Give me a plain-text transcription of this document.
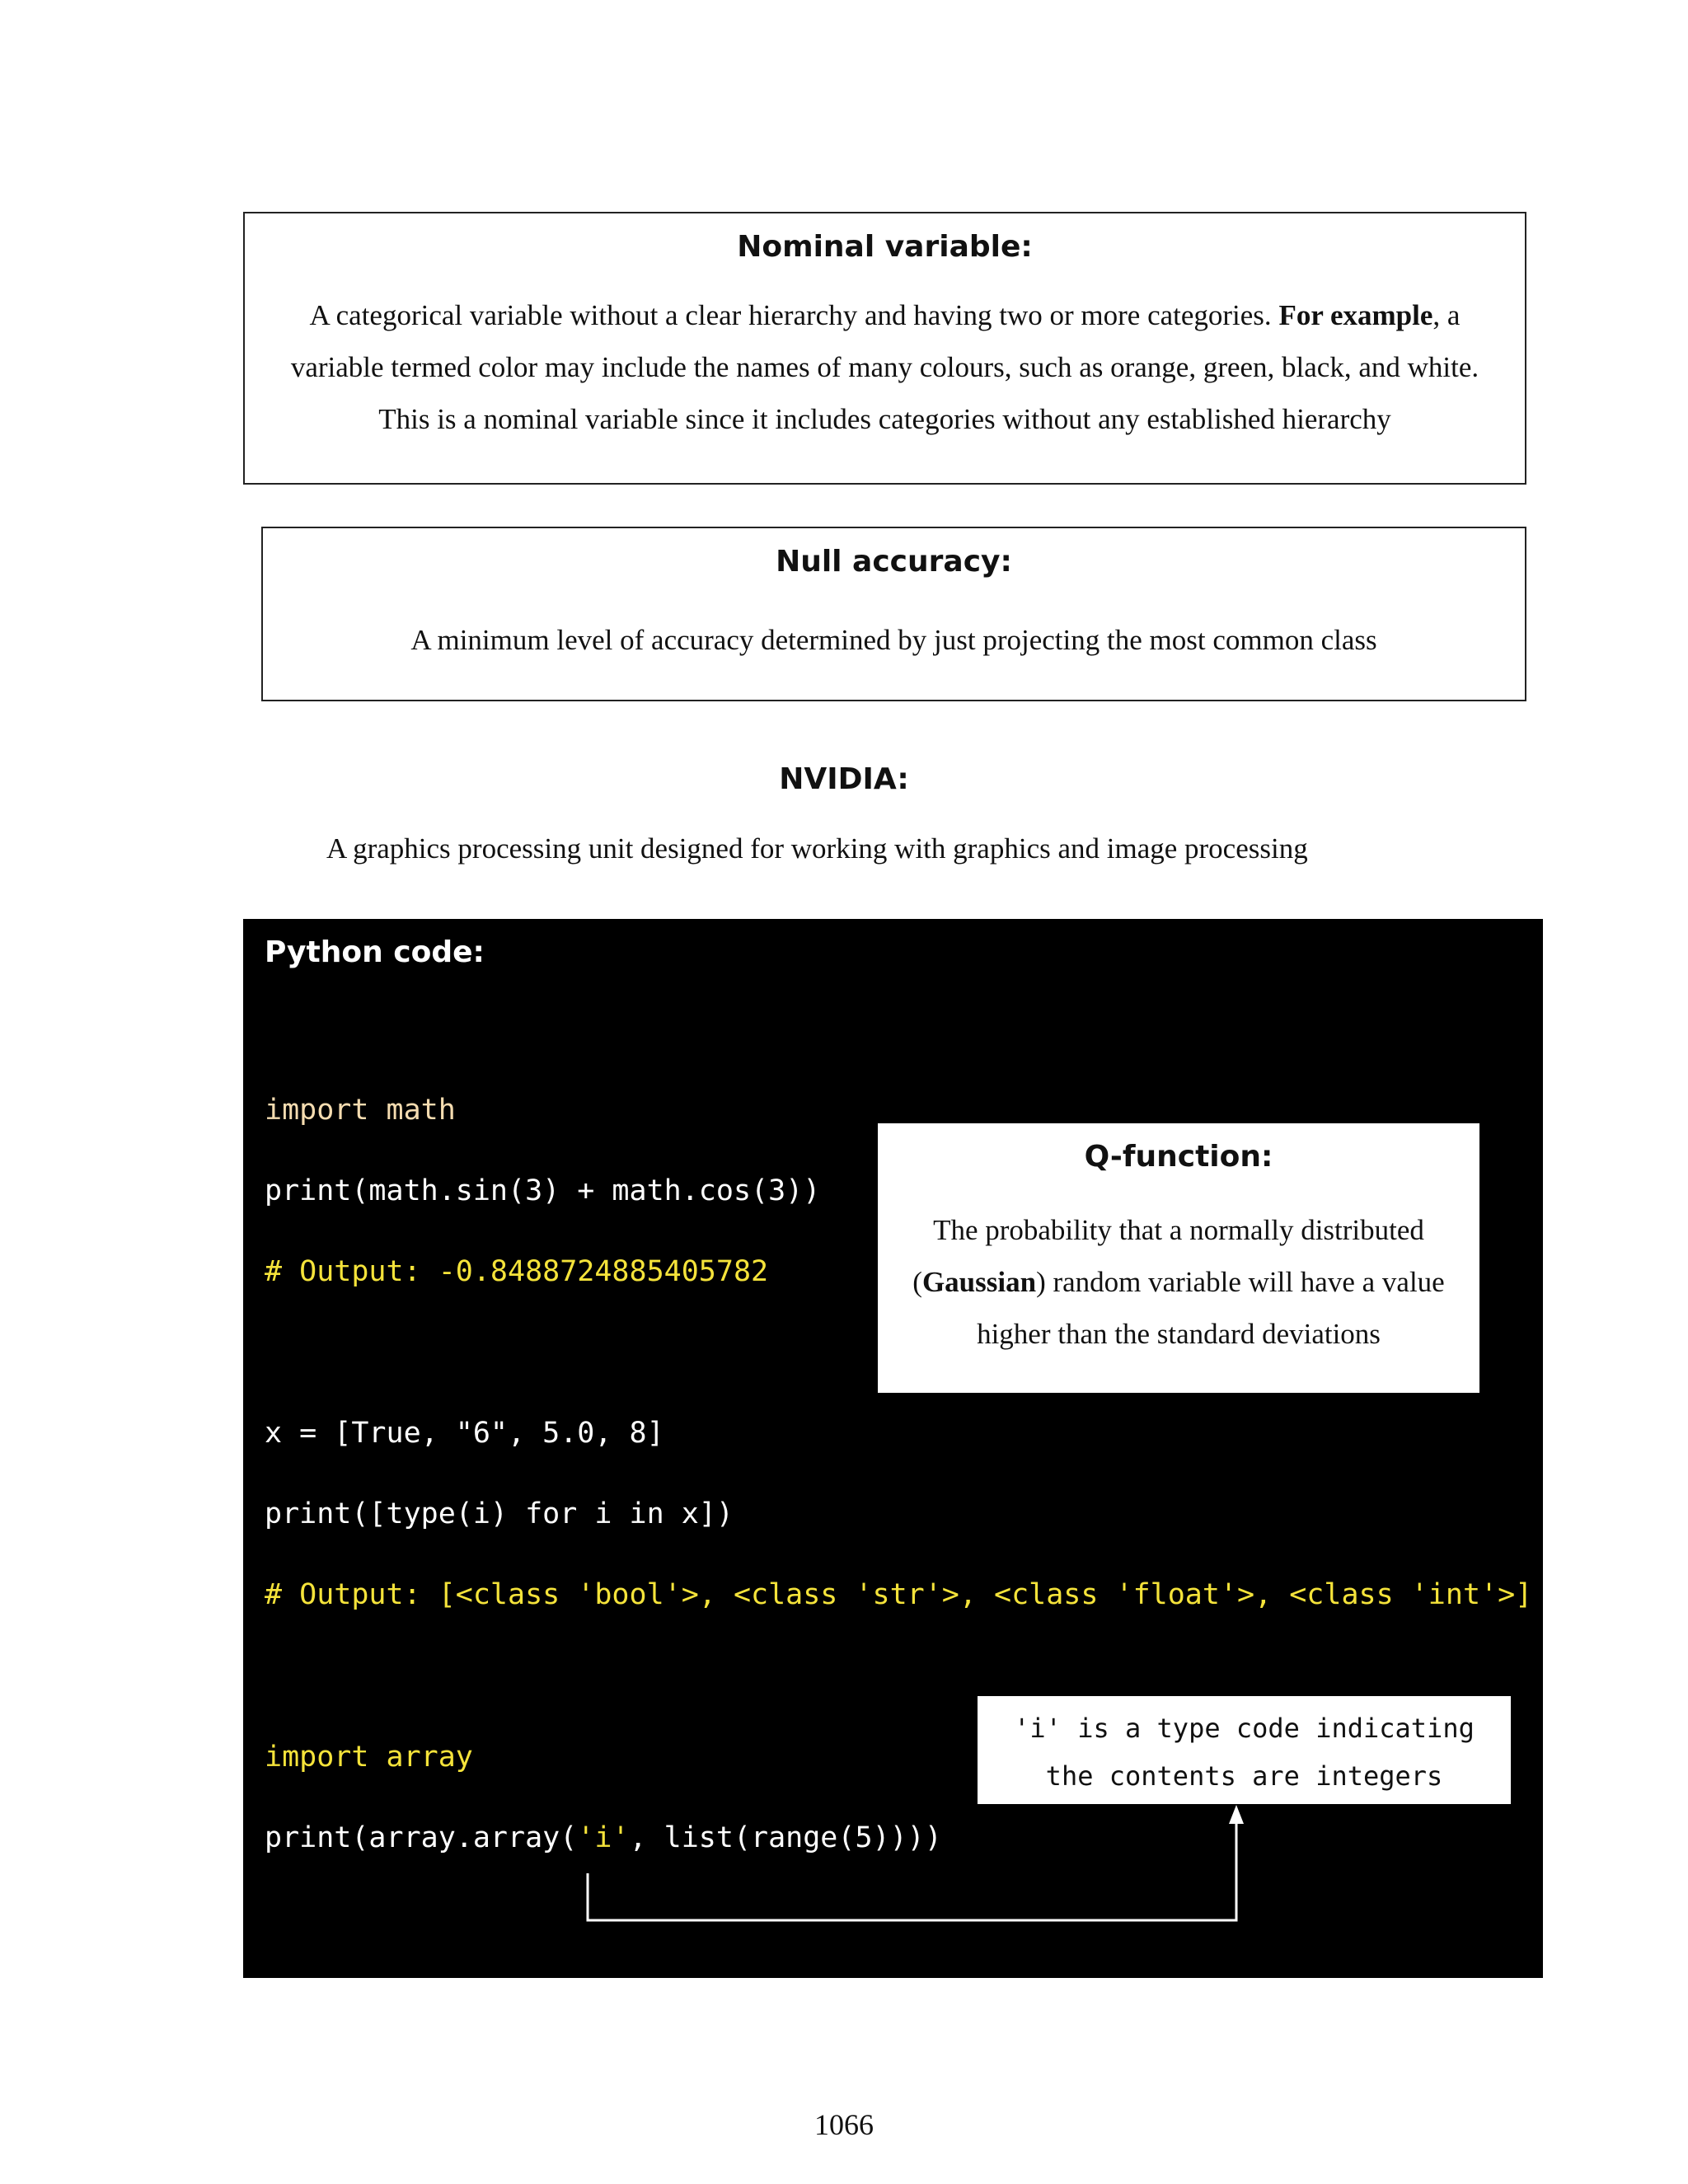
Nominal variable:
A categorical variable without a clear hierarchy and having two or more categories. For example, a variable termed color may include the names of many colours, such as orange, green, black, and white. This is a nominal variable since it includes categories without any established hierarchy
Null accuracy:
A minimum level of accuracy determined by just projecting the most common class
NVIDIA:
A graphics processing unit designed for working with graphics and image processing
Python code:
import math
print(math.sin(3) + math.cos(3))
# Output: -0.8488724885405782
x = [True, "6", 5.0, 8]
print([type(i) for i in x])
# Output: [<class 'bool'>, <class 'str'>, <class 'float'>, <class 'int'>]
import array
print(array.array('i', list(range(5))))
Q-function:
The probability that a normally distributed (Gaussian) random variable will have a value higher than the standard deviations
'i' is a type code indicating
the contents are integers
1066
